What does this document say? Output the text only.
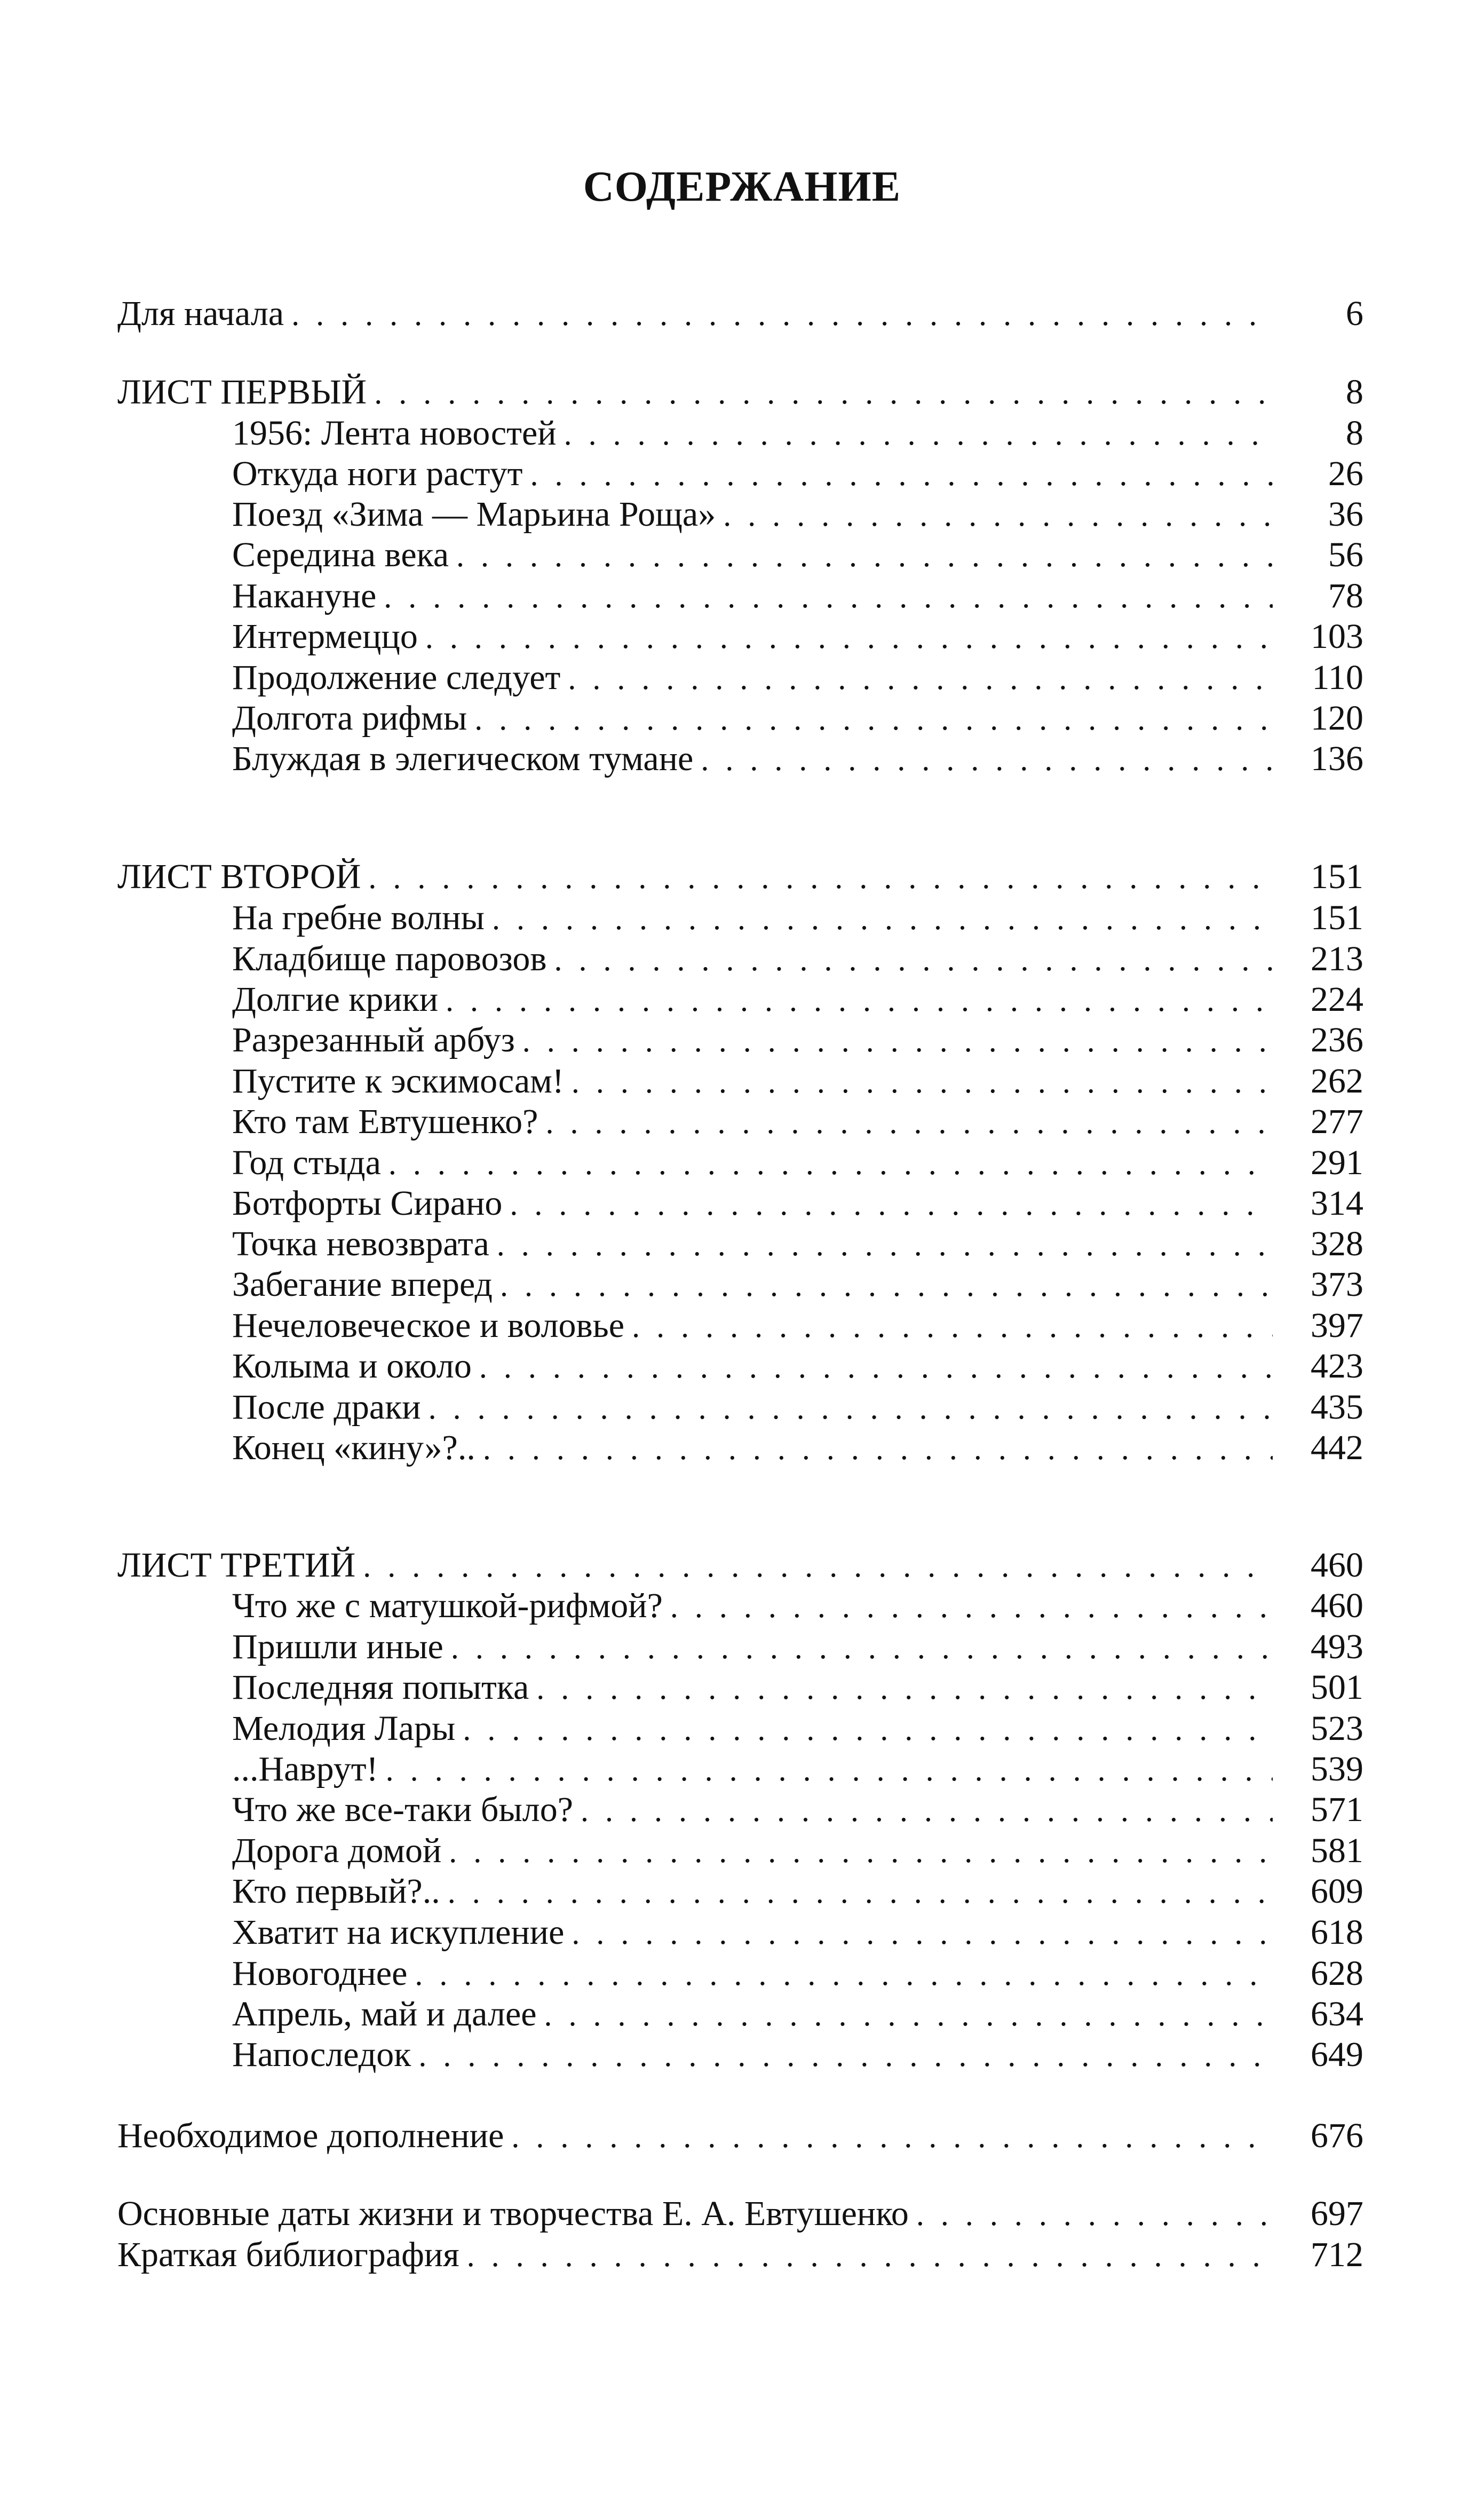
СОДЕРЖАНИЕ
Для начала . . .	6
ЛИСТ ПЕРВЫЙ . . .	8
1956: Лента новостей . . .	8
Откуда ноги растут . . .	26
Поезд «Зима — Марьина Роща» . . .	36
Середина века . . .	56
Накануне . . .	78
Интермеццо . . .	103
Продолжение следует . . .	110
Долгота рифмы . . .	120
Блуждая в элегическом тумане . . .	136
ЛИСТ ВТОРОЙ . . .	151
На гребне волны . . .	151
Кладбище паровозов . . .	213
Долгие крики . . .	224
Разрезанный арбуз . . .	236
Пустите к эскимосам! . . .	262
Кто там Евтушенко? . . .	277
Год стыда . . .	291
Ботфорты Сирано . . .	314
Точка невозврата . . .	328
Забегание вперед . . .	373
Нечеловеческое и воловье . . .	397
Колыма и около . . .	423
После драки . . .	435
Конец «кину»?.. . . .	442
ЛИСТ ТРЕТИЙ . . .	460
Что же с матушкой-рифмой? . . .	460
Пришли иные . . .	493
Последняя попытка . . .	501
Мелодия Лары . . .	523
...Наврут! . . .	539
Что же все-таки было? . . .	571
Дорога домой . . .	581
Кто первый?.. . . .	609
Хватит на искупление . . .	618
Новогоднее . . .	628
Апрель, май и далее . . .	634
Напоследок . . .	649
Необходимое дополнение . . .	676
Основные даты жизни и творчества Е. А. Евтушенко . . .	697
Краткая библиография . . .	712
